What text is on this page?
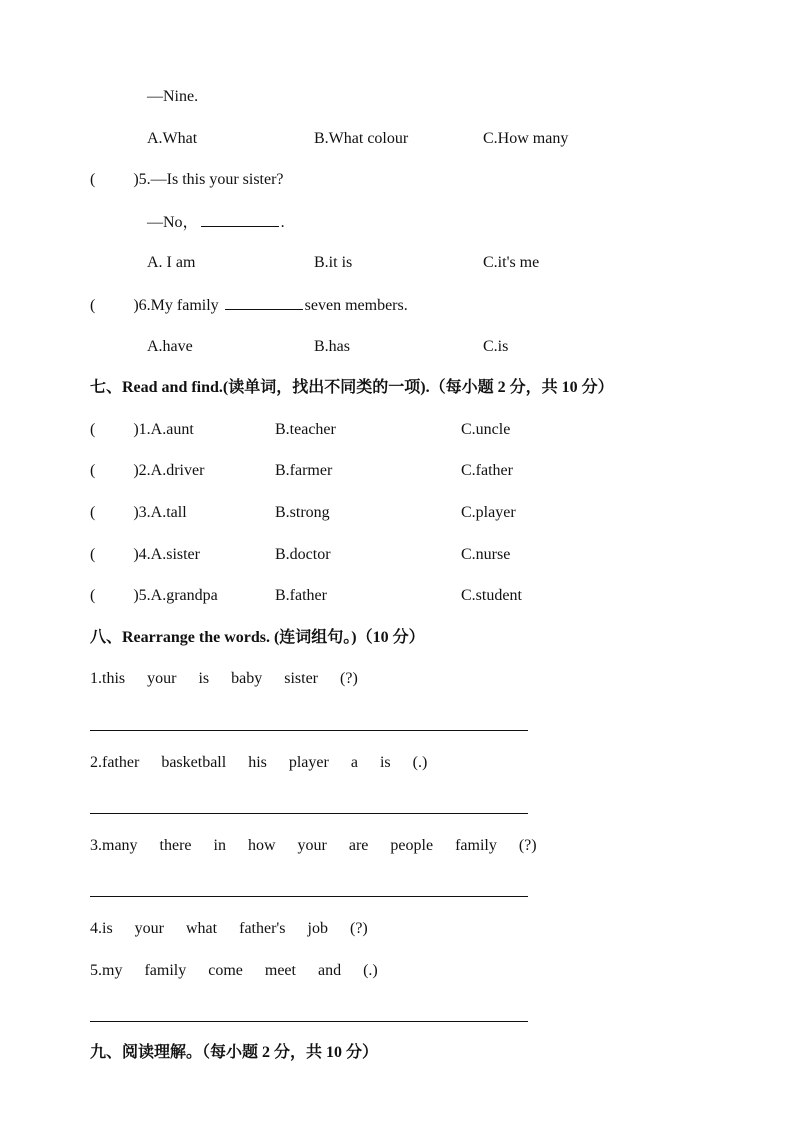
—Nine.
A.What	B.What colour	C.How many
( )5.—Is this your sister?
—No，	.
A. I am	B.it is	C.it's me
( )6.My family	seven members.
A.have	B.has	C.is
七、Read and find.(读单词，找出不同类的一项).（每小题 2 分，共 10 分）
( )1.A.aunt	B.teacher	C.uncle
( )2.A.driver	B.farmer	C.father
( )3.A.tall	B.strong	C.player
( )4.A.sister	B.doctor	C.nurse
( )5.A.grandpa	B.father	C.student
八、Rearrange the words. (连词组句。)（10 分）
1.this your is baby sister (?)
2.father basketball his player a is (.)
3.many there in how your are people family (?)
4.is your what father's job (?)
5.my family come meet and (.)
九、阅读理解。（每小题 2 分，共 10 分）
